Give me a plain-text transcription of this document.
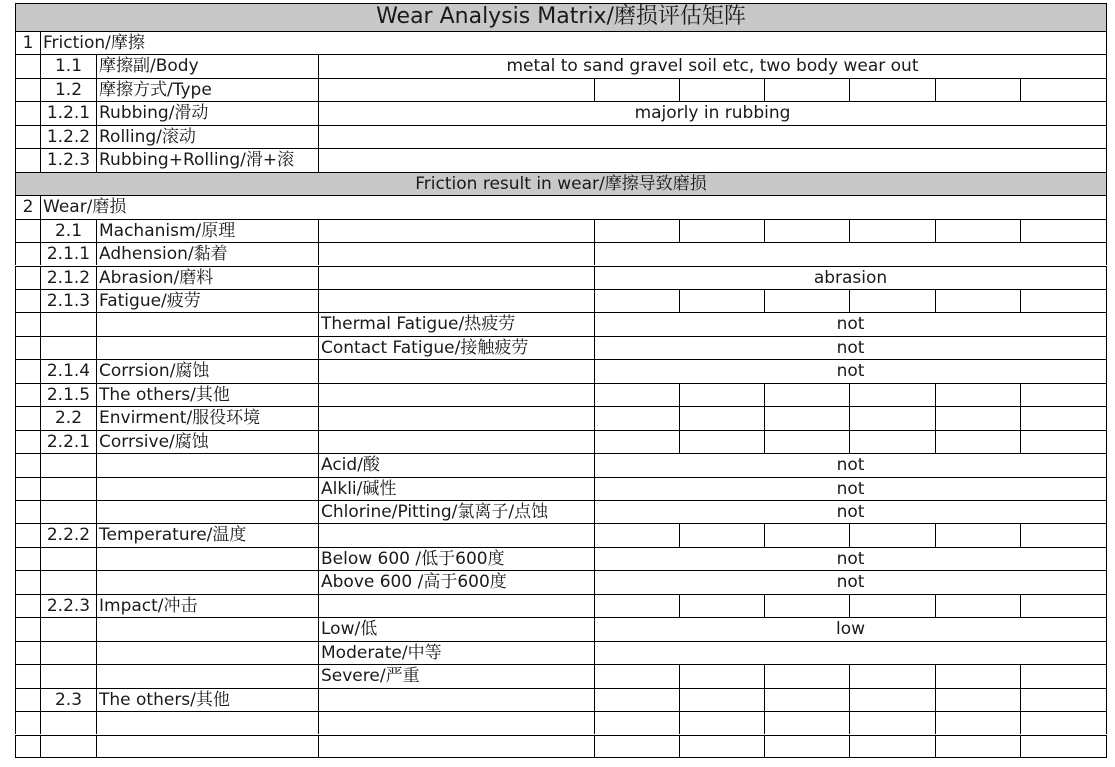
Wear Analysis Matrix/磨损评估矩阵
1 Friction/摩擦
1.1 摩擦副/Body	metal to sand gravel soil etc, two body wear out
1.2 摩擦方式/Type
1.2.1 Rubbing/滑动	majorly in rubbing
1.2.2 Rolling/滚动
1.2.3 Rubbing+Rolling/滑+滚
Friction result in wear/摩擦导致磨损
2 Wear/磨损
2.1 Machanism/原理
2.1.1 Adhension/黏着
2.1.2 Abrasion/磨料	abrasion
2.1.3 Fatigue/疲劳
Thermal Fatigue/热疲劳	not
Contact Fatigue/接触疲劳	not
2.1.4 Corrsion/腐蚀	not
2.1.5 The others/其他
2.2 Envirment/服役环境
2.2.1 Corrsive/腐蚀
Acid/酸	not
Alkli/碱性	not
Chlorine/Pitting/氯离子/点蚀	not
2.2.2 Temperature/温度
Below 600 /低于600度	not
Above 600 /高于600度	not
2.2.3 Impact/冲击
Low/低	low
Moderate/中等
Severe/严重
2.3 The others/其他
